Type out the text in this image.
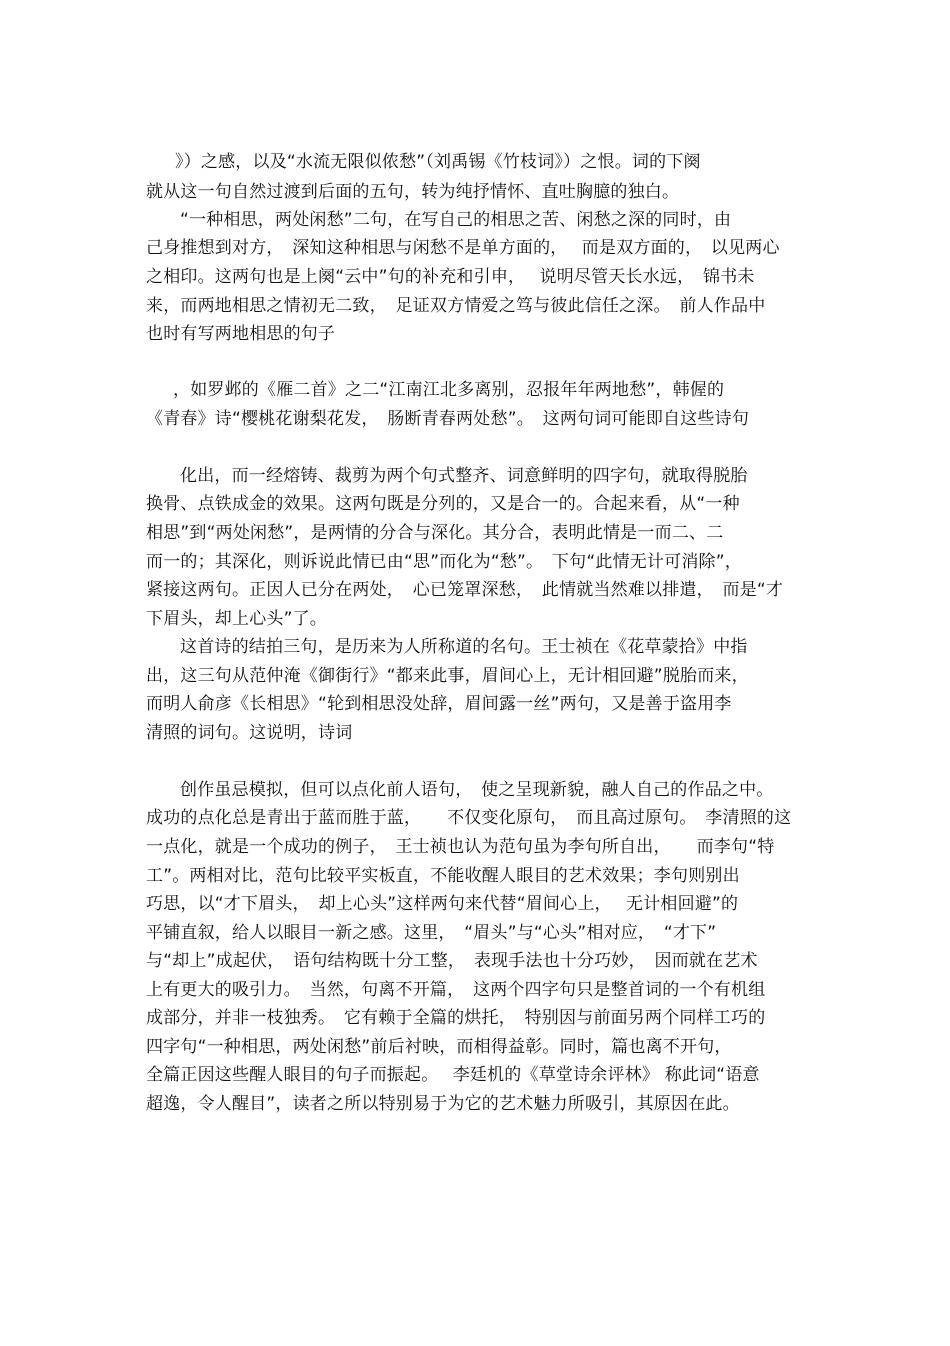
》）之感，以及“水流无限似侬愁”（刘禹锡《竹枝词》）之恨。词的下阕

就从这一句自然过渡到后面的五句，转为纯抒情怀、直吐胸臆的独白。

“一种相思，两处闲愁”二句，在写自己的相思之苦、闲愁之深的同时，由

己身推想到对方，　深知这种相思与闲愁不是单方面的，　 而是双方面的，　以见两心

之相印。这两句也是上阕“云中”句的补充和引申，　 说明尽管天长水远，　锦书未

来，而两地相思之情初无二致，　足证双方情爱之笃与彼此信任之深。　前人作品中

也时有写两地相思的句子

，如罗邺的《雁二首》之二“江南江北多离别，忍报年年两地愁”，韩偓的

《青春》诗“樱桃花谢梨花发，　肠断青春两处愁”。　这两句词可能即自这些诗句

化出，而一经熔铸、裁剪为两个句式整齐、词意鲜明的四字句，就取得脱胎

换骨、点铁成金的效果。这两句既是分列的，又是合一的。合起来看，从“一种

相思”到“两处闲愁”，是两情的分合与深化。其分合，表明此情是一而二、二

而一的；其深化，则诉说此情已由“思”而化为“愁”。　下句“此情无计可消除”，

紧接这两句。正因人已分在两处，　心已笼罩深愁，　此情就当然难以排遣，　而是“才

下眉头，却上心头”了。

这首诗的结拍三句，是历来为人所称道的名句。王士祯在《花草蒙拾》中指

出，这三句从范仲淹《御街行》“都来此事，眉间心上，无计相回避”脱胎而来，

而明人俞彦《长相思》“轮到相思没处辞，眉间露一丝”两句，又是善于盗用李

清照的词句。这说明，诗词

创作虽忌模拟，但可以点化前人语句，　使之呈现新貌，融人自己的作品之中。

成功的点化总是青出于蓝而胜于蓝，　　不仅变化原句，　而且高过原句。　李清照的这

一点化，就是一个成功的例子，　王士祯也认为范句虽为李句所自出，　　而李句“特

工”。两相对比，范句比较平实板直，不能收醒人眼目的艺术效果；李句则别出

巧思，以“才下眉头，　却上心头”这样两句来代替“眉间心上，　 无计相回避”的

平铺直叙，给人以眼目一新之感。这里，　“眉头”与“心头”相对应，　“才下”

与“却上”成起伏，　语句结构既十分工整，　表现手法也十分巧妙，　因而就在艺术

上有更大的吸引力。　当然，句离不开篇，　这两个四字句只是整首词的一个有机组

成部分，并非一枝独秀。　它有赖于全篇的烘托，　特别因与前面另两个同样工巧的

四字句“一种相思，两处闲愁”前后衬映，而相得益彰。同时，篇也离不开句，

全篇正因这些醒人眼目的句子而振起。　 李廷机的《草堂诗余评林》 称此词“语意

超逸，令人醒目”，读者之所以特别易于为它的艺术魅力所吸引，其原因在此。
